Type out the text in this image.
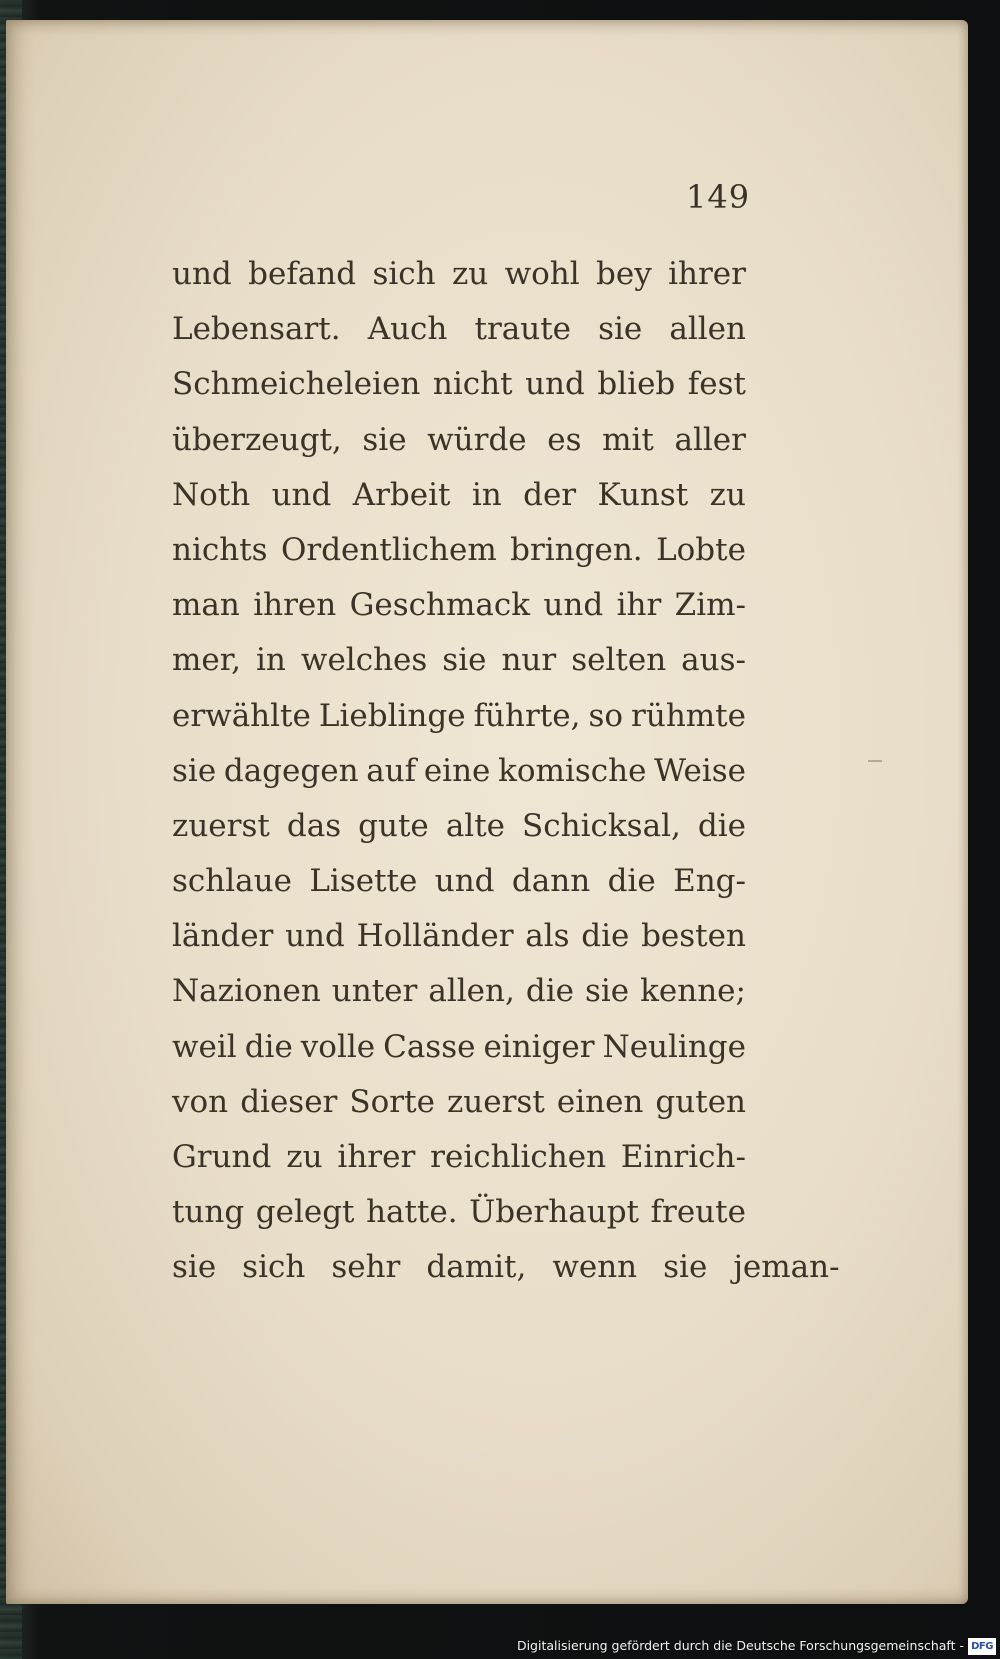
149
und befand sich zu wohl bey ihrer
Lebensart. Auch traute sie allen
Schmeicheleien nicht und blieb fest
überzeugt, sie würde es mit aller
Noth und Arbeit in der Kunst zu
nichts Ordentlichem bringen. Lobte
man ihren Geschmack und ihr Zim-
mer, in welches sie nur selten aus-
erwählte Lieblinge führte, so rühmte
sie dagegen auf eine komische Weise
zuerst das gute alte Schicksal, die
schlaue Lisette und dann die Eng-
länder und Holländer als die besten
Nazionen unter allen, die sie kenne;
weil die volle Casse einiger Neulinge
von dieser Sorte zuerst einen guten
Grund zu ihrer reichlichen Einrich-
tung gelegt hatte. Überhaupt freute
sie sich sehr damit, wenn sie jeman-
Digitalisierung gefördert durch die Deutsche Forschungsgemeinschaft - DFG
